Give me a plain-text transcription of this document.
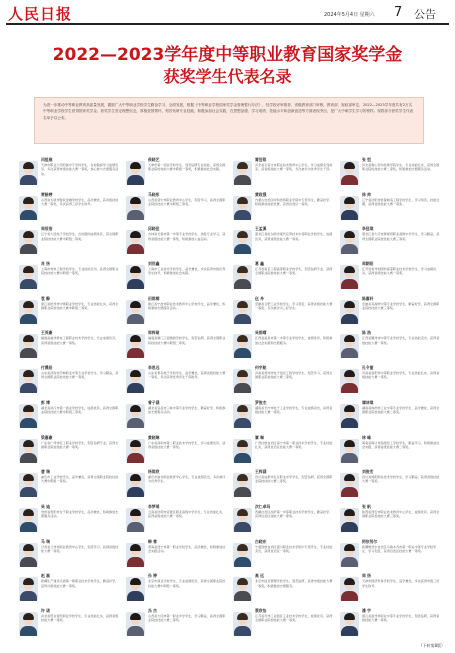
人民日报	2024年5月4日 星期六 7 公告
2022—2023学年度中等职业教育国家奖学金
获奖学生代表名录
为进一步推动中等职业教育高质量发展，激励广大中等职业学校学生勤奋学习、全面发展，根据《中等职业学校国家奖学金管理暂行办法》，经学校评审推荐、省级教育部门审核，教育部、财政部审定，2022—2023学年度共有2万名中等职业学校学生获得国家奖学金。获奖学生坚定理想信念，厚植爱国情怀，刻苦钻研专业技能，积极参加社会实践，在思想品德、学习成绩、技能水平和创新创造等方面表现突出，是广大中职学生学习的榜样。现将部分获奖学生代表名单予以公布。
闫祖维
天津市职业大学附属中专学校学生，在校期间学习成绩优异，多次获得市级技能大赛一等奖，热心参与志愿服务活动。
侯晓艺
天津市第一商业学校学生，刻苦钻研专业技能，获得全国职业院校技能大赛中职组一等奖，积极参加社会实践。
雷佳铭
河北省石家庄市职业技术教育中心学生，学习成绩名列前茅，获省级技能大赛一等奖，多次被评为优秀学生干部。
张 恒
河北省唐山劳动技师学院学生，专业技能扎实，获得全国职业院校技能大赛二等奖，积极参加志愿服务活动。
贾皓婷
山西省太原市财政金融学校学生，品学兼优，获省级技能大赛一等奖，多次获得三好学生称号。
马晓彤
山西省晋中市职业教育中心学生，刻苦学习，获得全国职业院校技能大赛中职组三等奖。
黄政强
内蒙古自治区呼和浩特职业学院中专部学生，勤奋好学，积极参加技能竞赛，获得自治区一等奖。
徐 帅
辽宁省沈阳市装备制造工程学校学生，学习刻苦，技能过硬，获得省级技能大赛一等奖。
周辰浩
辽宁省大连电子学校学生，在校期间成绩优异，获全国职业院校技能大赛中职组二等奖。
邱晓佳
吉林省长春市第一中等专业学校学生，热爱专业学习，获得省级技能大赛一等奖，积极参加公益活动。
王孟溪
黑龙江省哈尔滨市现代应用技术中等职业学校学生，成绩优异，获得省级技能大赛一等奖。
李佳琪
黑龙江省大庆市蒙妮坦职业高级中学学生，学习勤奋，获得全国职业院校技能大赛三等奖。
肖 扬
上海市材料工程学校学生，专业技能突出，获得全国职业院校技能大赛中职组一等奖。
刘世鑫
上海市工业技术学校学生，品学兼优，多次获得市级优秀学生称号，积极参加社会实践。
葛 鑫
江苏省南京工程高等职业学校学生，刻苦钻研专业，获得全国职业院校技能大赛一等奖。
周朝阳
江苏省常州刘国钧高等职业技术学校学生，学习成绩优异，获得省级技能大赛一等奖。
袁 静
浙江省杭州市中策职业学校学生，专业技能扎实，获得全国职业院校技能大赛中职组二等奖。
田雨桐
浙江省宁波市职业技术教育中心学校学生，品学兼优，积极参加志愿服务活动。
伍 舟
安徽省合肥工业学校学生，学习刻苦，获得省级技能大赛一等奖，多次被评为三好学生。
陈嘉轩
安徽省芜湖市中等专业学校学生，勤奋好学，获得全国职业院校技能大赛三等奖。
王英豪
福建省福州机电工程职业技术学校学生，专业成绩优异，获得省级技能大赛一等奖。
郑梓萌
福建省厦门工商旅游学校学生，刻苦钻研，获得全国职业院校技能大赛中职组二等奖。
吴雨晴
江西省南昌市第一中等专业学校学生，成绩优异，积极参加社会实践和志愿服务。
陈 浩
江西省赣州市中等专业学校学生，专业技能突出，获得省级技能大赛一等奖。
付晨阳
山东省济南市历城职业中等专业学校学生，学习勤奋，获得全国职业院校技能大赛一等奖。
李思远
山东省青岛电子学校学生，品学兼优，获得省级技能大赛一等奖，多次获得优秀学生干部称号。
何宇航
河南省郑州市电子信息工程学校学生，刻苦学习，获得全国职业院校技能大赛二等奖。
孔令萱
河南省洛阳市中等职业学校学生，专业技能扎实，获得省级技能大赛一等奖。
彭 博
湖北省武汉市第一商业学校学生，成绩优异，获得全国职业院校技能大赛中职组三等奖。
曾子涵
湖北省宜昌市三峡中等专业学校学生，勤奋好学，积极参加志愿服务活动。
罗俊杰
湖南省长沙市电子工业学校学生，专业成绩突出，获得省级技能大赛一等奖。
谭诗琪
湖南省株洲市工业中等专业学校学生，品学兼优，获得全国职业院校技能大赛二等奖。
梁嘉豪
广东省广州市轻工职业学校学生，刻苦钻研专业，获得全国职业院校技能大赛一等奖。
黄晓琳
广东省深圳市第二职业技术学校学生，学习成绩优异，获得省级技能大赛一等奖。
覃 琳
广西壮族自治区南宁市第一职业技术学校学生，专业技能扎实，获得自治区技能大赛一等奖。
林 峰
海南省海口市高级技工学校学生，勤奋学习，积极参加社会实践，获得省级技能大赛二等奖。
唐 瑞
重庆市工业学校学生，品学兼优，获得全国职业院校技能大赛中职组一等奖。
杨雨欣
重庆市渝北职业教育中心学生，专业成绩突出，多次被评为优秀学生。
王梓涵
四川省成都市礼仪职业中学学生，刻苦钻研，获得全国职业院校技能大赛二等奖。
刘俊宏
四川省绵阳职业技术学校学生，学习勤奋，获得省级技能大赛一等奖。
吴 迪
贵州省贵阳市女子职业学校学生，品学兼优，积极参加志愿服务活动。
李梦瑶
云南省昆明市官渡区职业高级中学学生，专业技能扎实，获得省级技能大赛一等奖。
次仁卓玛
西藏自治区拉萨第一中等职业技术学校学生，勤奋好学，获得自治区技能大赛一等奖。
张 帆
陕西省西安市职业技术教育中心学生，成绩优异，获得全国职业院校技能大赛三等奖。
马 瑞
甘肃省兰州市职业教育中心学生，刻苦学习，获得省级技能大赛一等奖。
韩 雪
青海省西宁市第一职业学校学生，品学兼优，积极参加社会实践活动。
白晓东
宁夏回族自治区银川职业技术学院中专部学生，专业技能突出，获得自治区一等奖。
阿依努尔
新疆维吾尔自治区乌鲁木齐市第一职业中等专业学校学生，学习刻苦，获得自治区技能大赛一等奖。
赵 磊
新疆生产建设兵团第一师职业技术学校学生，勤奋好学，获得兵团技能大赛一等奖。
孙 婷
北京市商业学校学生，专业成绩优异，获得全国职业院校技能大赛中职组一等奖。
高 远
北京市信息管理学校学生，刻苦钻研，获得市级技能大赛一等奖，积极参加志愿服务。
周 扬
天津市经济贸易学校学生，品学兼优，多次获得市级三好学生称号。
许 诺
河北省邢台现代职业学校学生，专业技能扎实，获得省级技能大赛一等奖。
冯 杰
山西省大同市第一职业中学学生，学习勤奋，获得全国职业院校技能大赛二等奖。
蔡欣怡
江苏省苏州工业园区工业技术学校学生，成绩优异，获得全国职业院校技能大赛一等奖。
潘 宇
浙江省温州市职业中等专业学校学生，刻苦钻研，获得省级技能大赛一等奖。
（下转第8版）
